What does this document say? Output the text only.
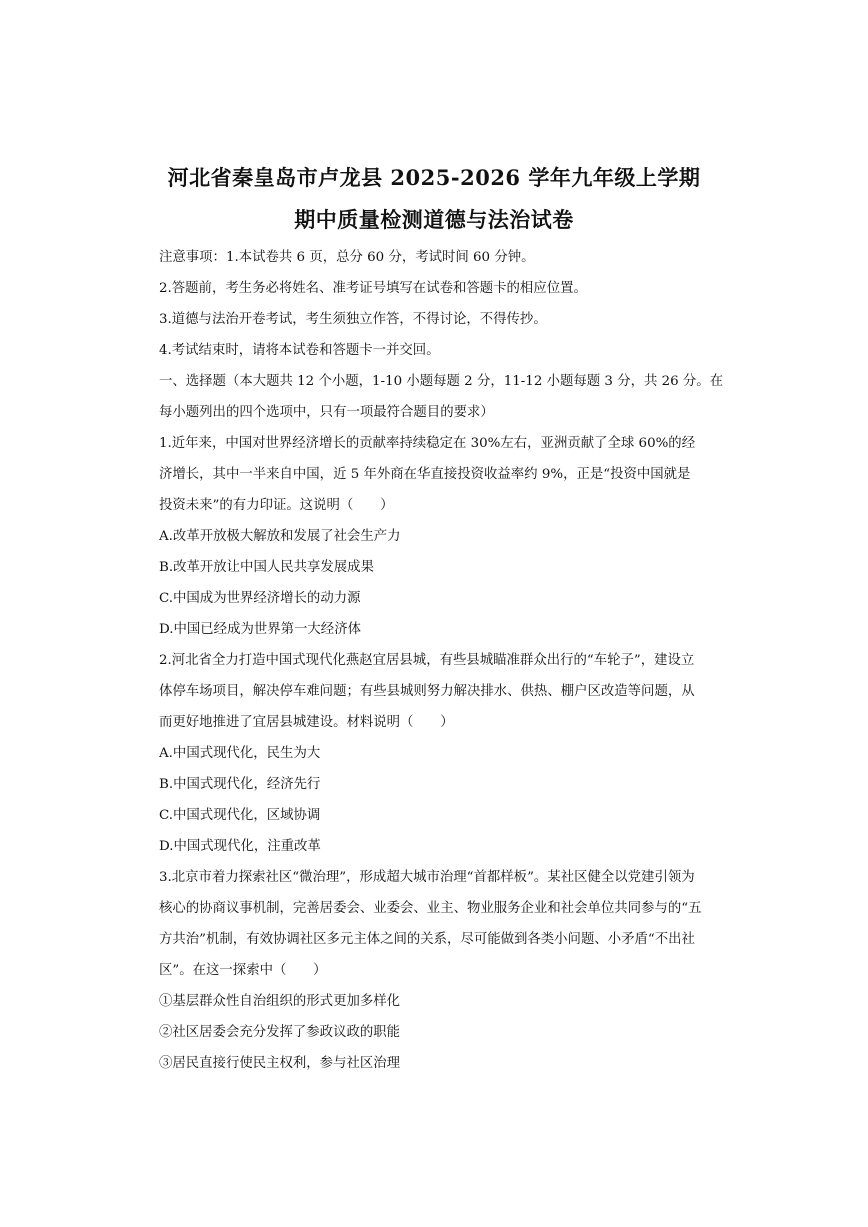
河北省秦皇岛市卢龙县 2025-2026 学年九年级上学期
期中质量检测道德与法治试卷
注意事项：1.本试卷共 6 页，总分 60 分，考试时间 60 分钟。
2.答题前，考生务必将姓名、准考证号填写在试卷和答题卡的相应位置。
3.道德与法治开卷考试，考生须独立作答，不得讨论，不得传抄。
4.考试结束时，请将本试卷和答题卡一并交回。
一、选择题（本大题共 12 个小题，1-10 小题每题 2 分，11-12 小题每题 3 分，共 26 分。在
每小题列出的四个选项中，只有一项最符合题目的要求）
1.近年来，中国对世界经济增长的贡献率持续稳定在 30%左右，亚洲贡献了全球 60%的经
济增长，其中一半来自中国，近 5 年外商在华直接投资收益率约 9%，正是“投资中国就是
投资未来”的有力印证。这说明（　　）
A.改革开放极大解放和发展了社会生产力
B.改革开放让中国人民共享发展成果
C.中国成为世界经济增长的动力源
D.中国已经成为世界第一大经济体
2.河北省全力打造中国式现代化燕赵宜居县城，有些县城瞄准群众出行的“车轮子”，建设立
体停车场项目，解决停车难问题；有些县城则努力解决排水、供热、棚户区改造等问题，从
而更好地推进了宜居县城建设。材料说明（　　）
A.中国式现代化，民生为大
B.中国式现代化，经济先行
C.中国式现代化，区域协调
D.中国式现代化，注重改革
3.北京市着力探索社区“微治理”，形成超大城市治理“首都样板”。某社区健全以党建引领为
核心的协商议事机制，完善居委会、业委会、业主、物业服务企业和社会单位共同参与的“五
方共治”机制，有效协调社区多元主体之间的关系，尽可能做到各类小问题、小矛盾“不出社
区”。在这一探索中（　　）
①基层群众性自治组织的形式更加多样化
②社区居委会充分发挥了参政议政的职能
③居民直接行使民主权利，参与社区治理
